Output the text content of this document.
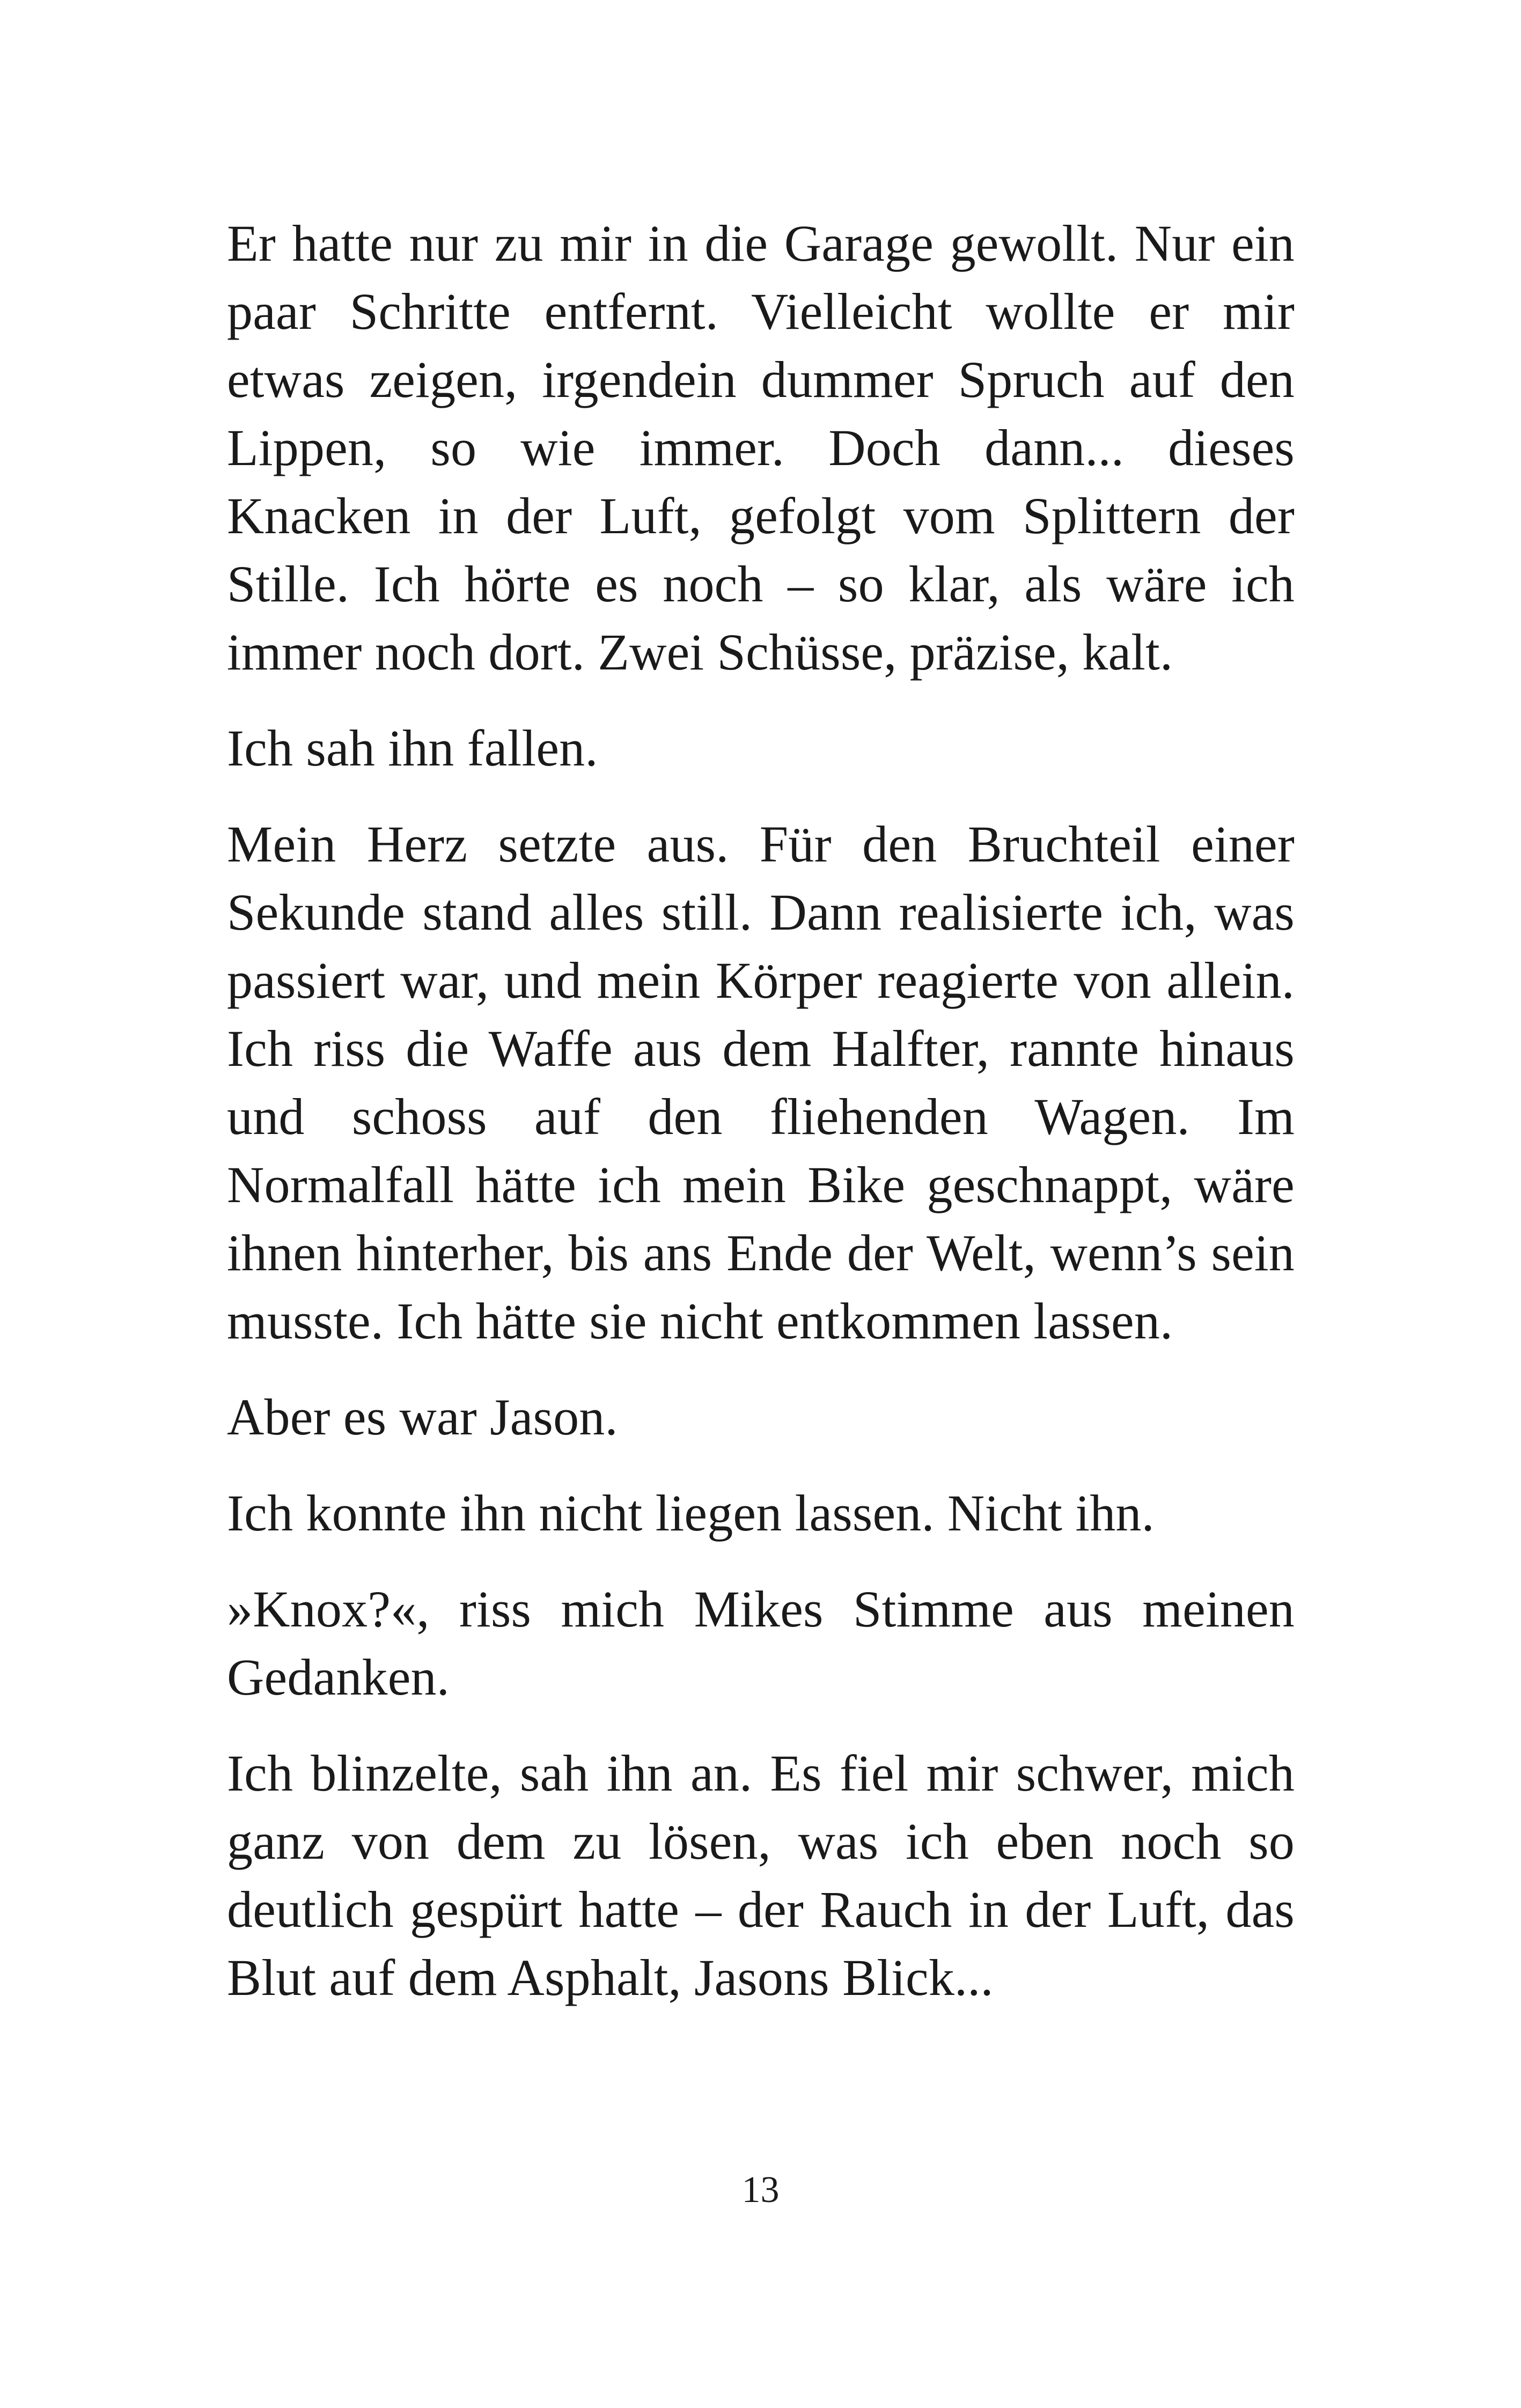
Er hatte nur zu mir in die Garage gewollt. Nur ein paar Schritte entfernt. Vielleicht wollte er mir etwas zeigen, irgendein dummer Spruch auf den Lippen, so wie immer. Doch dann... dieses Knacken in der Luft, gefolgt vom Splittern der Stille. Ich hörte es noch – so klar, als wäre ich immer noch dort. Zwei Schüsse, präzise, kalt.

Ich sah ihn fallen.

Mein Herz setzte aus. Für den Bruchteil einer Sekunde stand alles still. Dann realisierte ich, was passiert war, und mein Körper reagierte von allein. Ich riss die Waffe aus dem Halfter, rannte hinaus und schoss auf den fliehenden Wagen. Im Normalfall hätte ich mein Bike geschnappt, wäre ihnen hinterher, bis ans Ende der Welt, wenn’s sein musste. Ich hätte sie nicht entkommen lassen.

Aber es war Jason.

Ich konnte ihn nicht liegen lassen. Nicht ihn.

»Knox?«, riss mich Mikes Stimme aus meinen Gedanken.

Ich blinzelte, sah ihn an. Es fiel mir schwer, mich ganz von dem zu lösen, was ich eben noch so deutlich gespürt hatte – der Rauch in der Luft, das Blut auf dem Asphalt, Jasons Blick...

13
